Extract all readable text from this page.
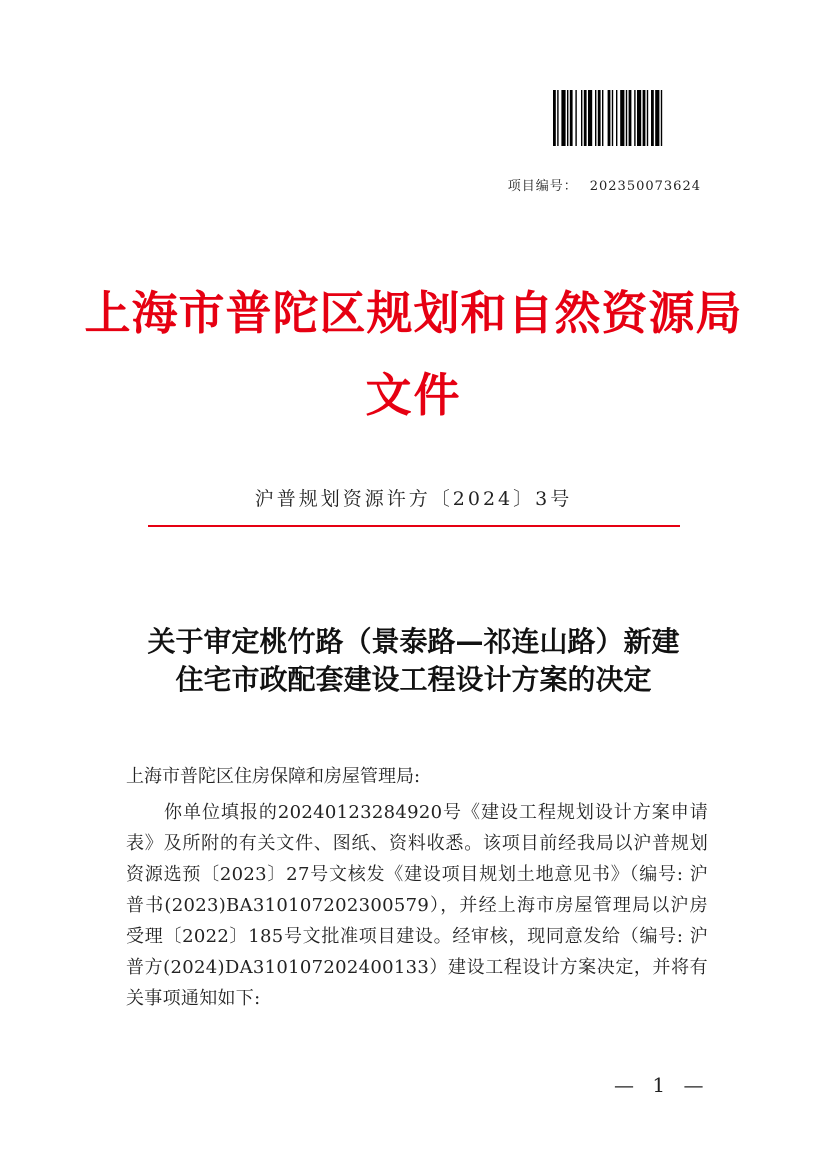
项目编号： 202350073624
上海市普陀区规划和自然资源局
文件
沪普规划资源许方〔2024〕3号
关于审定桃竹路（景泰路—祁连山路）新建
住宅市政配套建设工程设计方案的决定
上海市普陀区住房保障和房屋管理局:
你单位填报的20240123284920号《建设工程规划设计方案申请表》及所附的有关文件、图纸、资料收悉。该项目前经我局以沪普规划资源选预〔2023〕27号文核发《建设项目规划土地意见书》（编号: 沪普书(2023)BA310107202300579），并经上海市房屋管理局以沪房受理〔2022〕185号文批准项目建设。经审核，现同意发给（编号: 沪普方(2024)DA310107202400133）建设工程设计方案决定，并将有关事项通知如下:
— 1 —
